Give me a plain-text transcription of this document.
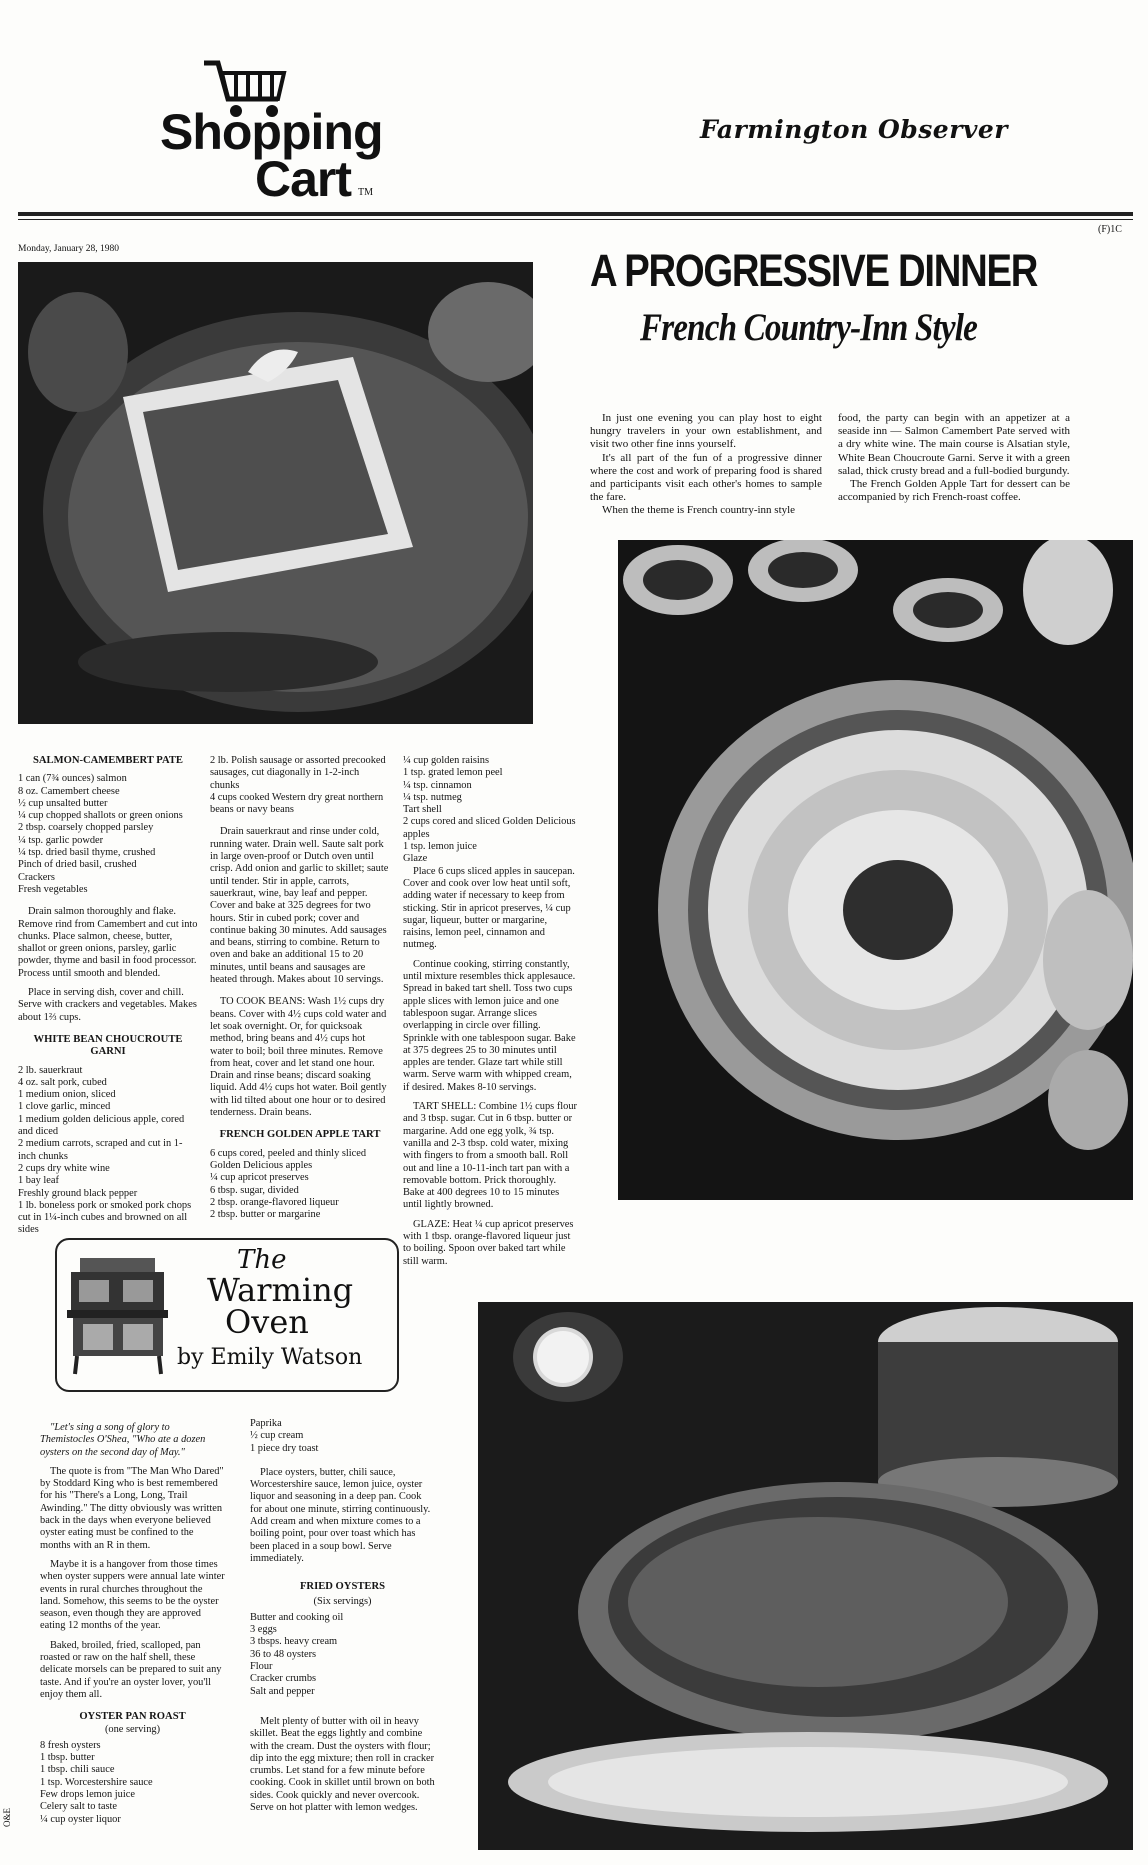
Shopping
Cart TM
Farmington Observer
(F)1C
Monday, January 28, 1980	A PROGRESSIVE DINNER
French Country-Inn Style

In just one evening you can play host to eight hungry travelers in your own establishment, and visit two other fine inns yourself.

It's all part of the fun of a progressive dinner where the cost and work of preparing food is shared and participants visit each other's homes to sample the fare.

When the theme is French country-inn style

food, the party can begin with an appetizer at a seaside inn — Salmon Camembert Pate served with a dry white wine. The main course is Alsatian style, White Bean Choucroute Garni. Serve it with a green salad, thick crusty bread and a full-bodied burgundy.

The French Golden Apple Tart for dessert can be accompanied by rich French-roast coffee.

SALMON-CAMEMBERT PATE
1 can (7¾ ounces) salmon
8 oz. Camembert cheese
½ cup unsalted butter
¼ cup chopped shallots or green onions
2 tbsp. coarsely chopped parsley
¼ tsp. garlic powder
¼ tsp. dried basil thyme, crushed
Pinch of dried basil, crushed
Crackers
Fresh vegetables

Drain salmon thoroughly and flake. Remove rind from Camembert and cut into chunks. Place salmon, cheese, butter, shallot or green onions, parsley, garlic powder, thyme and basil in food processor. Process until smooth and blended.

Place in serving dish, cover and chill. Serve with crackers and vegetables. Makes about 1⅔ cups.

WHITE BEAN CHOUCROUTE GARNI
2 lb. sauerkraut
4 oz. salt pork, cubed
1 medium onion, sliced
1 clove garlic, minced
1 medium golden delicious apple, cored and diced
2 medium carrots, scraped and cut in 1-inch chunks
2 cups dry white wine
1 bay leaf
Freshly ground black pepper
1 lb. boneless pork or smoked pork chops cut in 1¼-inch cubes and browned on all sides
2 lb. Polish sausage or assorted precooked sausages, cut diagonally in 1-2-inch chunks
4 cups cooked Western dry great northern beans or navy beans

Drain sauerkraut and rinse under cold, running water. Drain well. Saute salt pork in large oven-proof or Dutch oven until crisp. Add onion and garlic to skillet; saute until tender. Stir in apple, carrots, sauerkraut, wine, bay leaf and pepper. Cover and bake at 325 degrees for two hours. Stir in cubed pork; cover and continue baking 30 minutes. Add sausages and beans, stirring to combine. Return to oven and bake an additional 15 to 20 minutes, until beans and sausages are heated through. Makes about 10 servings.

TO COOK BEANS: Wash 1½ cups dry beans. Cover with 4½ cups cold water and let soak overnight. Or, for quicksoak method, bring beans and 4½ cups hot water to boil; boil three minutes. Remove from heat, cover and let stand one hour. Drain and rinse beans; discard soaking liquid. Add 4½ cups hot water. Boil gently with lid tilted about one hour or to desired tenderness. Drain beans.

FRENCH GOLDEN APPLE TART
6 cups cored, peeled and thinly sliced Golden Delicious apples
¼ cup apricot preserves
6 tbsp. sugar, divided
2 tbsp. orange-flavored liqueur
2 tbsp. butter or margarine
¼ cup golden raisins
1 tsp. grated lemon peel
¼ tsp. cinnamon
¼ tsp. nutmeg
Tart shell
2 cups cored and sliced Golden Delicious apples
1 tsp. lemon juice
Glaze

Place 6 cups sliced apples in saucepan. Cover and cook over low heat until soft, adding water if necessary to keep from sticking. Stir in apricot preserves, ¼ cup sugar, liqueur, butter or margarine, raisins, lemon peel, cinnamon and nutmeg.

Continue cooking, stirring constantly, until mixture resembles thick applesauce. Spread in baked tart shell. Toss two cups apple slices with lemon juice and one tablespoon sugar. Arrange slices overlapping in circle over filling. Sprinkle with one tablespoon sugar. Bake at 375 degrees 25 to 30 minutes until apples are tender. Glaze tart while still warm. Serve warm with whipped cream, if desired. Makes 8-10 servings.

TART SHELL: Combine 1½ cups flour and 3 tbsp. sugar. Cut in 6 tbsp. butter or margarine. Add one egg yolk, ¾ tsp. vanilla and 2-3 tbsp. cold water, mixing with fingers to from a smooth ball. Roll out and line a 10-11-inch tart pan with a removable bottom. Prick thoroughly. Bake at 400 degrees 10 to 15 minutes until lightly browned.

GLAZE: Heat ¼ cup apricot preserves with 1 tbsp. orange-flavored liqueur just to boiling. Spoon over baked tart while still warm.

The
Warming
Oven
by Emily Watson

"Let's sing a song of glory to Themistocles O'Shea, "Who ate a dozen oysters on the second day of May."

The quote is from "The Man Who Dared" by Stoddard King who is best remembered for his "There's a Long, Long, Trail Awinding." The ditty obviously was written back in the days when everyone believed oyster eating must be confined to the months with an R in them.

Maybe it is a hangover from those times when oyster suppers were annual late winter events in rural churches throughout the land. Somehow, this seems to be the oyster season, even though they are approved eating 12 months of the year.

Baked, broiled, fried, scalloped, pan roasted or raw on the half shell, these delicate morsels can be prepared to suit any taste. And if you're an oyster lover, you'll enjoy them all.

OYSTER PAN ROAST
(one serving)
8 fresh oysters
1 tbsp. butter
1 tbsp. chili sauce
1 tsp. Worcestershire sauce
Few drops lemon juice
Celery salt to taste
¼ cup oyster liquor
Paprika
½ cup cream
1 piece dry toast

Place oysters, butter, chili sauce, Worcestershire sauce, lemon juice, oyster liquor and seasoning in a deep pan. Cook for about one minute, stirring continuously. Add cream and when mixture comes to a boiling point, pour over toast which has been placed in a soup bowl. Serve immediately.

FRIED OYSTERS
(Six servings)
Butter and cooking oil
3 eggs
3 tbsps. heavy cream
36 to 48 oysters
Flour
Cracker crumbs
Salt and pepper

Melt plenty of butter with oil in heavy skillet. Beat the eggs lightly and combine with the cream. Dust the oysters with flour; dip into the egg mixture; then roll in cracker crumbs. Let stand for a few minute before cooking. Cook in skillet until brown on both sides. Cook quickly and never overcook. Serve on hot platter with lemon wedges.

O&E
